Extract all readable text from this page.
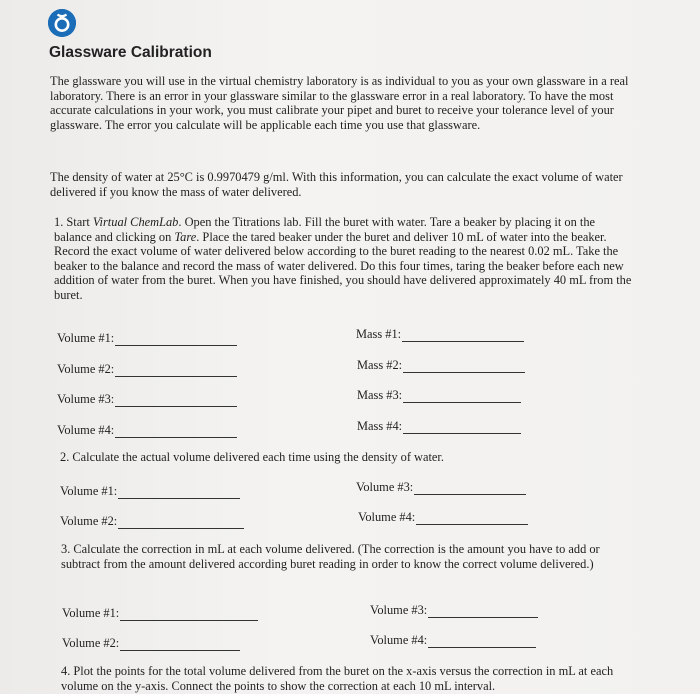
Glassware Calibration

The glassware you will use in the virtual chemistry laboratory is as individual to you as your own glassware in a real laboratory. There is an error in your glassware similar to the glassware error in a real laboratory. To have the most accurate calculations in your work, you must calibrate your pipet and buret to receive your tolerance level of your glassware. The error you calculate will be applicable each time you use that glassware.

The density of water at 25°C is 0.9970479 g/ml. With this information, you can calculate the exact volume of water delivered if you know the mass of water delivered.

1. Start Virtual ChemLab. Open the Titrations lab. Fill the buret with water. Tare a beaker by placing it on the balance and clicking on Tare. Place the tared beaker under the buret and deliver 10 mL of water into the beaker. Record the exact volume of water delivered below according to the buret reading to the nearest 0.02 mL. Take the beaker to the balance and record the mass of water delivered. Do this four times, taring the beaker before each new addition of water from the buret. When you have finished, you should have delivered approximately 40 mL from the buret.

Volume #1:	Mass #1:
Volume #2:	Mass #2:
Volume #3:	Mass #3:
Volume #4:	Mass #4:

2. Calculate the actual volume delivered each time using the density of water.

Volume #1:	Volume #3:
Volume #2:	Volume #4:

3. Calculate the correction in mL at each volume delivered. (The correction is the amount you have to add or subtract from the amount delivered according buret reading in order to know the correct volume delivered.)

Volume #1:	Volume #3:
Volume #2:	Volume #4:

4. Plot the points for the total volume delivered from the buret on the x-axis versus the correction in mL at each volume on the y-axis. Connect the points to show the correction at each 10 mL interval.
